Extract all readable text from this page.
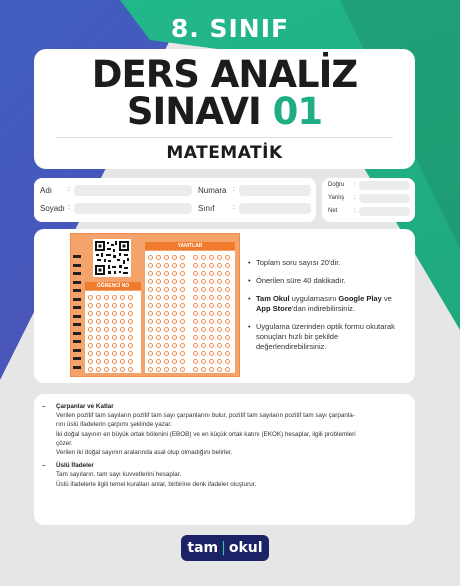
8. SINIF
DERS ANALİZ
SINAVI 01
MATEMATİK
Adı :
Soyadı :
Numara :
Sınıf	:
Doğru :
Yanlış :
Net	:
ÖĞRENCİ NO
YANITLAR
• Toplam soru sayısı 20'dir.
• Önerilen süre 40 dakikadır.
• Tam Okul uygulamasını Google Play ve App Store'dan indirebilirsiniz.
• Uygulama üzerinden optik formu okutarak sonuçları hızlı bir şekilde değerlendirebilirsiniz.
– Çarpanlar ve Katlar
Verilen pozitif tam sayıların pozitif tam sayı çarpanlarını bulur, pozitif tam sayıların pozitif tam sayı çarpanla-
rını üslü ifadelerin çarpımı şeklinde yazar.
İki doğal sayının en büyük ortak bölenini (EBOB) ve en küçük ortak katını (EKOK) hesaplar, ilgili problemleri
çözer.
Verilen iki doğal sayının aralarında asal olup olmadığını belirler.
– Üslü İfadeler
Tam sayıların, tam sayı kuvvetlerini hesaplar.
Üslü ifadelerle ilgili temel kuralları anlar, birbirine denk ifadeler oluşturur.
tam | okul
